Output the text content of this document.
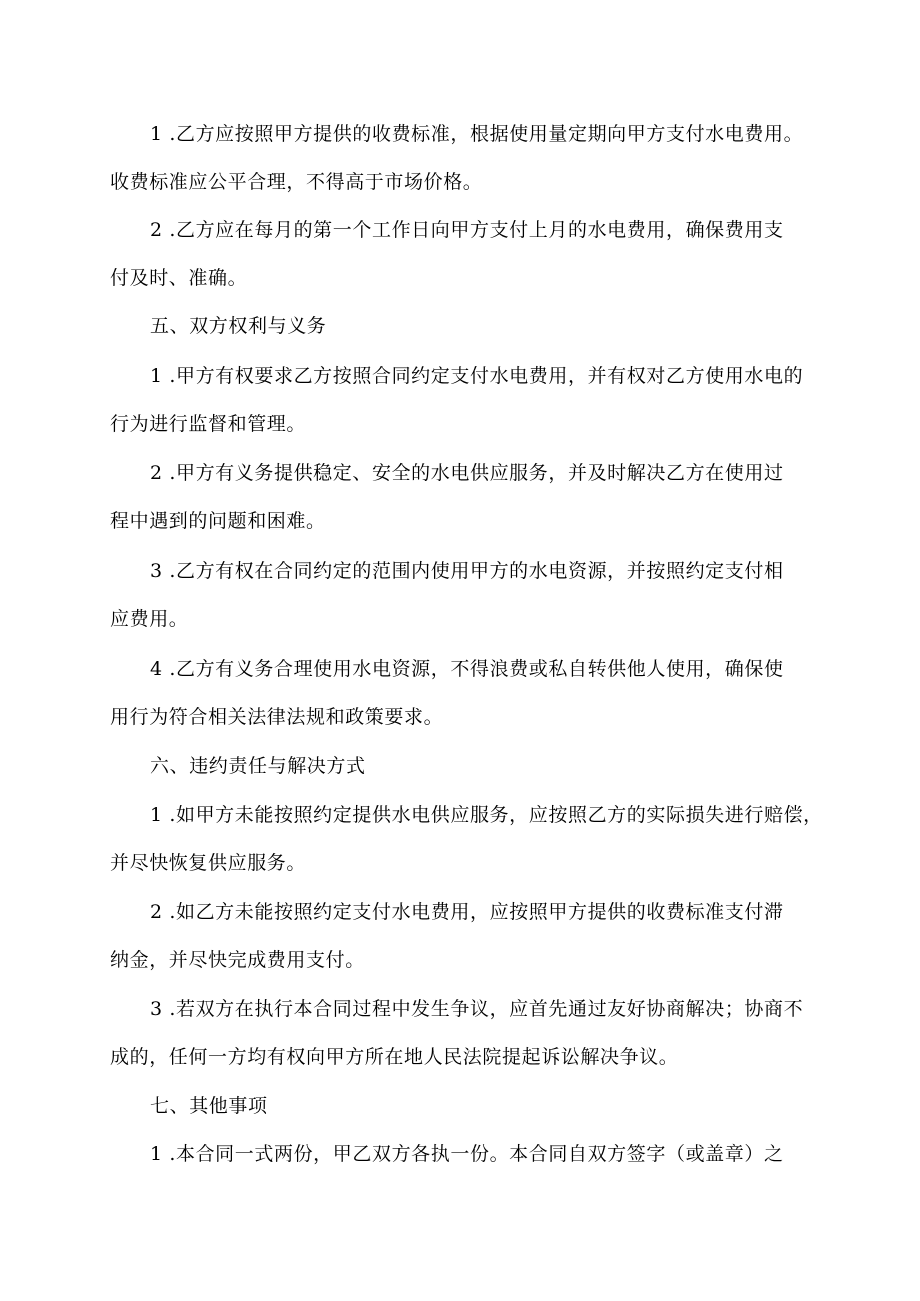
1 .乙方应按照甲方提供的收费标准，根据使用量定期向甲方支付水电费用。

收费标准应公平合理，不得高于市场价格。

2 .乙方应在每月的第一个工作日向甲方支付上月的水电费用，确保费用支

付及时、准确。

五、双方权利与义务

1 .甲方有权要求乙方按照合同约定支付水电费用，并有权对乙方使用水电的

行为进行监督和管理。

2 .甲方有义务提供稳定、安全的水电供应服务，并及时解决乙方在使用过

程中遇到的问题和困难。

3 .乙方有权在合同约定的范围内使用甲方的水电资源，并按照约定支付相

应费用。

4 .乙方有义务合理使用水电资源，不得浪费或私自转供他人使用，确保使

用行为符合相关法律法规和政策要求。

六、违约责任与解决方式

1 .如甲方未能按照约定提供水电供应服务，应按照乙方的实际损失进行赔偿，

并尽快恢复供应服务。

2 .如乙方未能按照约定支付水电费用，应按照甲方提供的收费标准支付滞

纳金，并尽快完成费用支付。

3 .若双方在执行本合同过程中发生争议，应首先通过友好协商解决；协商不

成的，任何一方均有权向甲方所在地人民法院提起诉讼解决争议。

七、其他事项

1 .本合同一式两份，甲乙双方各执一份。本合同自双方签字（或盖章）之
